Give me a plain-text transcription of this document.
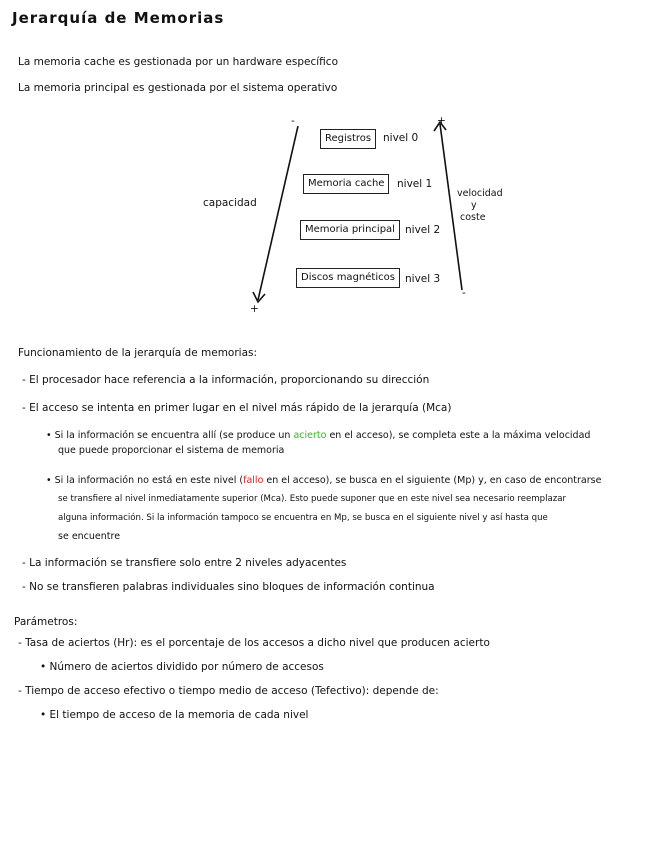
Jerarquía de Memorias
La memoria cache es gestionada por un hardware específico
La memoria principal es gestionada por el sistema operativo
-
+
+
-
capacidad
velocidad
y
coste
Registros	nivel 0
Memoria cache	nivel 1
Memoria principal nivel 2
Discos magnéticos nivel 3
Funcionamiento de la jerarquía de memorias:
- El procesador hace referencia a la información, proporcionando su dirección
- El acceso se intenta en primer lugar en el nivel más rápido de la jerarquía (Mca)
• Si la información se encuentra allí (se produce un acierto en el acceso), se completa este a la máxima velocidad
que puede proporcionar el sistema de memoria
• Si la información no está en este nivel (fallo en el acceso), se busca en el siguiente (Mp) y, en caso de encontrarse
se transfiere al nivel inmediatamente superior (Mca). Esto puede suponer que en este nivel sea necesario reemplazar
alguna información. Si la información tampoco se encuentra en Mp, se busca en el siguiente nivel y así hasta que
se encuentre
- La información se transfiere solo entre 2 niveles adyacentes
- No se transfieren palabras individuales sino bloques de información continua
Parámetros:
- Tasa de aciertos (Hr): es el porcentaje de los accesos a dicho nivel que producen acierto
• Número de aciertos dividido por número de accesos
- Tiempo de acceso efectivo o tiempo medio de acceso (Tefectivo): depende de:
• El tiempo de acceso de la memoria de cada nivel
